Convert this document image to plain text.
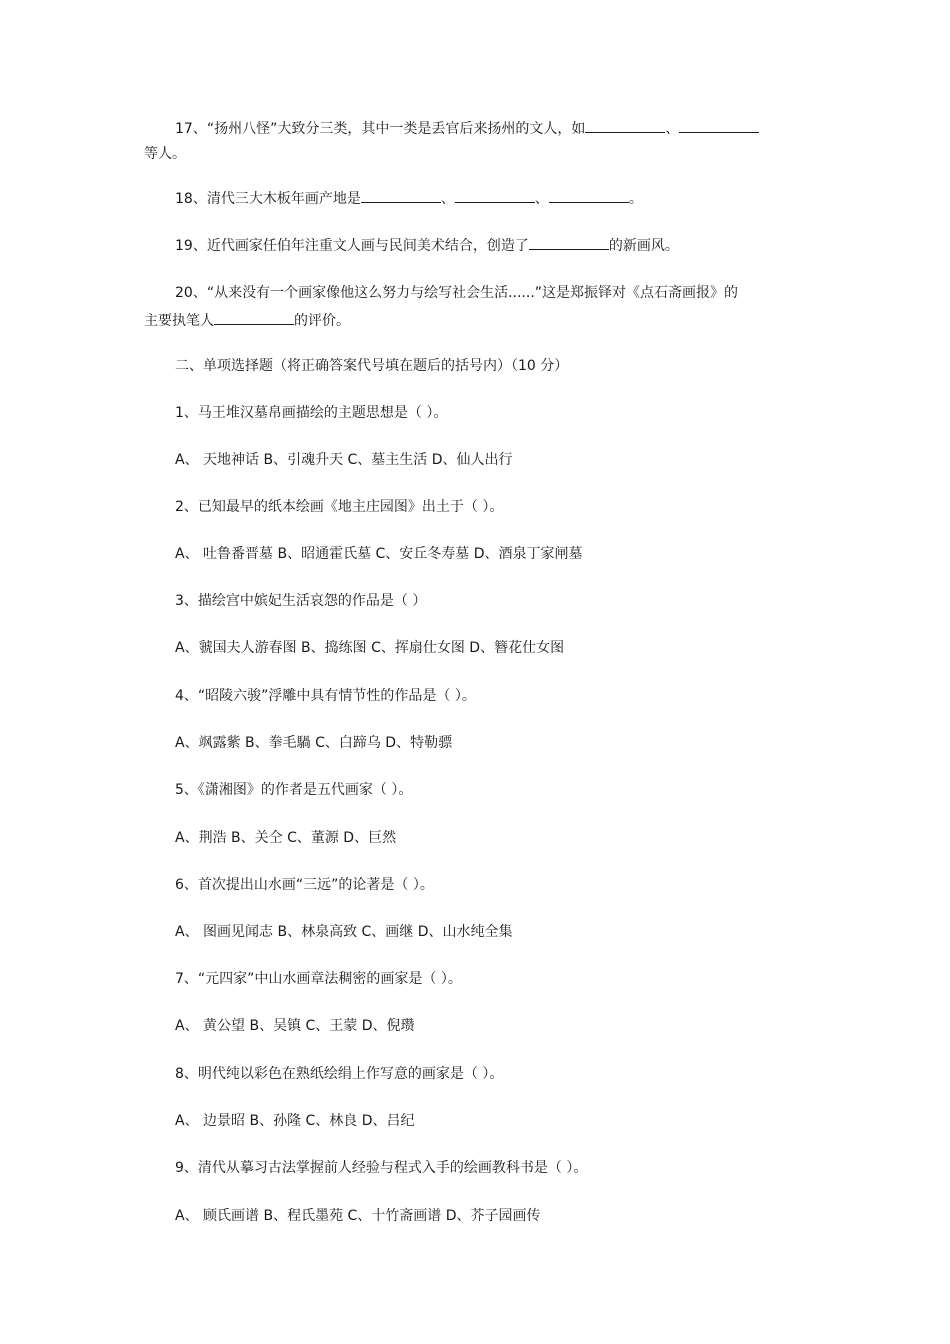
17、“扬州八怪”大致分三类，其中一类是丢官后来扬州的文人，如	、
等人。
18、清代三大木板年画产地是	、	、	。
19、近代画家任伯年注重文人画与民间美术结合，创造了	的新画风。
20、“从来没有一个画家像他这么努力与绘写社会生活......”这是郑振铎对《点石斋画报》的
主要执笔人	的评价。
二、单项选择题（将正确答案代号填在题后的括号内）（10 分）
1、马王堆汉墓帛画描绘的主题思想是（ ）。
A、 天地神话 B、引魂升天 C、墓主生活 D、仙人出行
2、已知最早的纸本绘画《地主庄园图》出土于（ ）。
A、 吐鲁番晋墓 B、昭通霍氏墓 C、安丘冬寿墓 D、酒泉丁家闸墓
3、描绘宫中嫔妃生活哀怨的作品是（ ）
A、虢国夫人游春图 B、捣练图 C、挥扇仕女图 D、簪花仕女图
4、“昭陵六骏”浮雕中具有情节性的作品是（ ）。
A、飒露紫 B、拳毛騧 C、白蹄乌 D、特勒骠
5、《潇湘图》的作者是五代画家（ ）。
A、荆浩 B、关仝 C、董源 D、巨然
6、首次提出山水画“三远”的论著是（ ）。
A、 图画见闻志 B、林泉高致 C、画继 D、山水纯全集
7、“元四家”中山水画章法稠密的画家是（ ）。
A、 黄公望 B、吴镇 C、王蒙 D、倪瓒
8、明代纯以彩色在熟纸绘绢上作写意的画家是（ ）。
A、 边景昭 B、孙隆 C、林良 D、吕纪
9、清代从摹习古法掌握前人经验与程式入手的绘画教科书是（ ）。
A、 顾氏画谱 B、程氏墨苑 C、十竹斋画谱 D、芥子园画传
